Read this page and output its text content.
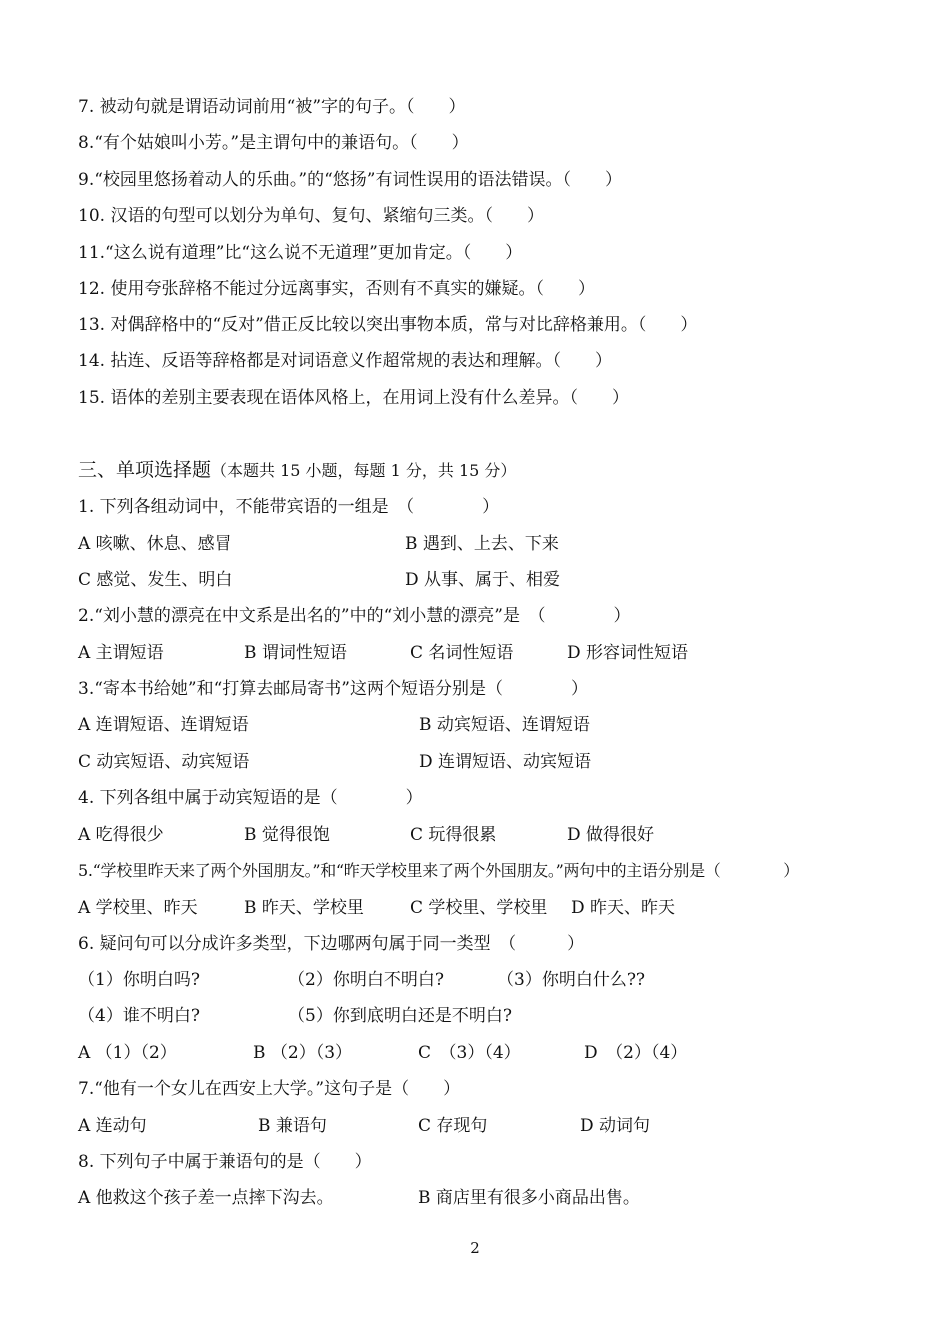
7. 被动句就是谓语动词前用“被”字的句子。（　　）
8.“有个姑娘叫小芳。”是主谓句中的兼语句。（　　）
9.“校园里悠扬着动人的乐曲。”的“悠扬”有词性误用的语法错误。（　　）
10. 汉语的句型可以划分为单句、复句、紧缩句三类。（　　）
11.“这么说有道理”比“这么说不无道理”更加肯定。（　　）
12. 使用夸张辞格不能过分远离事实，否则有不真实的嫌疑。（　　）
13. 对偶辞格中的“反对”借正反比较以突出事物本质，常与对比辞格兼用。（　　）
14. 拈连、反语等辞格都是对词语意义作超常规的表达和理解。（　　）
15. 语体的差别主要表现在语体风格上，在用词上没有什么差异。（　　）
三、单项选择题（本题共 15 小题，每题 1 分，共 15 分）
1. 下列各组动词中，不能带宾语的一组是　（　　　　）
A 咳嗽、休息、感冒	B 遇到、上去、下来
C 感觉、发生、明白	D 从事、属于、相爱
2.“刘小慧的漂亮在中文系是出名的”中的“刘小慧的漂亮”是　（　　　　）
A 主谓短语	B 谓词性短语	C 名词性短语	D 形容词性短语
3.“寄本书给她”和“打算去邮局寄书”这两个短语分别是（　　　　）
A 连谓短语、连谓短语	B 动宾短语、连谓短语
C 动宾短语、动宾短语	D 连谓短语、动宾短语
4. 下列各组中属于动宾短语的是（　　　　）
A 吃得很少	B 觉得很饱	C 玩得很累	D 做得很好
5.“学校里昨天来了两个外国朋友。”和“昨天学校里来了两个外国朋友。”两句中的主语分别是（　　　　）
A 学校里、昨天	B 昨天、学校里	C 学校里、学校里 D 昨天、昨天
6. 疑问句可以分成许多类型，下边哪两句属于同一类型　（　　　）
（1）你明白吗?	（2）你明白不明白?	（3）你明白什么??
（4）谁不明白?	（5）你到底明白还是不明白?
A （1）（2）	B （2）（3）	C　（3）（4）	D　（2）（4）
7.“他有一个女儿在西安上大学。”这句子是（　　）
A 连动句	B 兼语句	C 存现句	D 动词句
8. 下列句子中属于兼语句的是（　　）
A 他救这个孩子差一点摔下沟去。	B 商店里有很多小商品出售。
2
